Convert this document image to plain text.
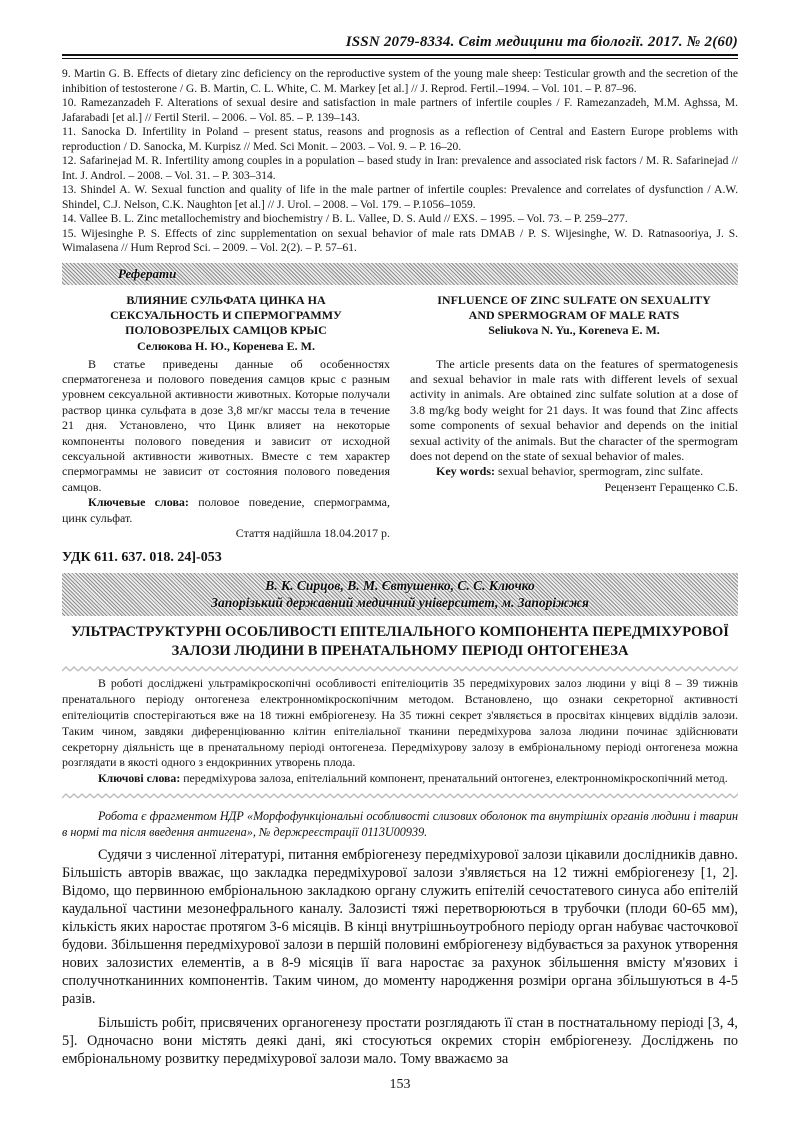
ISSN 2079-8334. Світ медицини та біології. 2017. № 2(60)

9. Martin G. B. Effects of dietary zinc deficiency on the reproductive system of the young male sheep: Testicular growth and the secretion of the inhibition of testosterone / G. B. Martin, C. L. White, C. M. Markey [et al.] // J. Reprod. Fertil.–1994. – Vol. 101. – P. 87–96.

10. Ramezanzadeh F. Alterations of sexual desire and satisfaction in male partners of infertile couples / F. Ramezanzadeh, M.M. Aghssa, M. Jafarabadi [et al.] // Fertil Steril. – 2006. – Vol. 85. – P. 139–143.

11. Sanocka D. Infertility in Poland – present status, reasons and prognosis as a reflection of Central and Eastern Europe problems with reproduction / D. Sanocka, M. Kurpisz // Med. Sci Monit. – 2003. – Vol. 9. – P. 16–20.

12. Safarinejad M. R. Infertility among couples in a population – based study in Iran: prevalence and associated risk factors / M. R. Safarinejad // Int. J. Androl. – 2008. – Vol. 31. – P. 303–314.

13. Shindel A. W. Sexual function and quality of life in the male partner of infertile couples: Prevalence and correlates of dysfunction / A.W. Shindel, C.J. Nelson, C.K. Naughton [et al.] // J. Urol. – 2008. – Vol. 179. – P.1056–1059.

14. Vallee B. L. Zinc metallochemistry and biochemistry / B. L. Vallee, D. S. Auld // EXS. – 1995. – Vol. 73. – P. 259–277.

15. Wijesinghe P. S. Effects of zinc supplementation on sexual behavior of male rats DMAB / P. S. Wijesinghe, W. D. Ratnasooriya, J. S. Wimalasena // Hum Reprod Sci. – 2009. – Vol. 2(2). – P. 57–61.

Реферати
ВЛИЯНИЕ СУЛЬФАТА ЦИНКА НА
СЕКСУАЛЬНОСТЬ И СПЕРМОГРАММУ
ПОЛОВОЗРЕЛЫХ САМЦОВ КРЫС
Селюкова Н. Ю., Коренева Е. М.

В статье приведены данные об особенностях сперматогенеза и полового поведения самцов крыс с разным уровнем сексуальной активности животных. Которые получали раствор цинка сульфата в дозе 3,8 мг/кг массы тела в течение 21 дня. Установлено, что Цинк влияет на некоторые компоненты полового поведения и зависит от исходной сексуальной активности животных. Вместе с тем характер спермограммы не зависит от состояния полового поведения самцов.

Ключевые слова: половое поведение, спермограмма, цинк сульфат.

Стаття надійшла 18.04.2017 р.

INFLUENCE OF ZINC SULFATE ON SEXUALITY
AND SPERMOGRAM OF MALE RATS
Seliukova N. Yu., Koreneva E. M.

The article presents data on the features of spermatogenesis and sexual behavior in male rats with different levels of sexual activity in animals. Are obtained zinc sulfate solution at a dose of 3.8 mg/kg body weight for 21 days. It was found that Zinc affects some components of sexual behavior and depends on the initial sexual activity of the animals. But the character of the spermogram does not depend on the state of sexual behavior of males.

Key words: sexual behavior, spermogram, zinc sulfate.

Рецензент Геращенко С.Б.

УДК 611. 637. 018. 24]-053

В. К. Сирцов, В. М. Євтушенко, С. С. Ключко
Запорізький державний медичний університет, м. Запоріжжя
УЛЬТРАСТРУКТУРНІ ОСОБЛИВОСТІ ЕПІТЕЛІАЛЬНОГО КОМПОНЕНТА ПЕРЕДМІХУРОВОЇ ЗАЛОЗИ ЛЮДИНИ В ПРЕНАТАЛЬНОМУ ПЕРІОДІ ОНТОГЕНЕЗА

В роботі досліджені ультрамікроскопічні особливості епітеліоцитів 35 передміхурових залоз людини у віці 8 – 39 тижнів пренатального періоду онтогенеза електронномікроскопічним методом. Встановлено, що ознаки секреторної активності епітеліоцитів спостерігаються вже на 18 тижні ембріогенезу. На 35 тижні секрет з'являється в просвітах кінцевих відділів залози. Таким чином, завдяки диференціюванню клітин епітеліальної тканини передміхурова залоза людини починає здійснювати секреторну діяльність ще в пренатальному періоді онтогенеза. Передміхурову залозу в ембріональному періоді онтогенеза можна розглядати в якості одного з ендокринних утворень плода.

Ключові слова: передміхурова залоза, епітеліальний компонент, пренатальний онтогенез, електронномікроскопічний метод.

Робота є фрагментом НДР «Морфофункціональні особливості слизових оболонок та внутрішніх органів людини і тварин в нормі та після введення антигена», № держреєстрації 0113U00939.

Судячи з численної літературі, питання ембріогенезу передміхурової залози цікавили дослідників давно. Більшість авторів вважає, що закладка передміхурової залози з'являється на 12 тижні ембріогенезу [1, 2]. Відомо, що первинною ембріональною закладкою органу служить епітелій сечостатевого синуса або епітелій каудальної частини мезонефрального каналу. Залозисті тяжі перетворюються в трубочки (плоди 60-65 мм), кількість яких наростає протягом 3-6 місяців. В кінці внутрішньоутробного періоду орган набуває часточкової будови. Збільшення передміхурової залози в першій половині ембріогенезу відбувається за рахунок утворення нових залозистих елементів, а в 8-9 місяців її вага наростає за рахунок збільшення вмісту м'язових і сполучнотканинних компонентів. Таким чином, до моменту народження розміри органа збільшуються в 4-5 разів.

Більшість робіт, присвячених органогенезу простати розглядають її стан в постнатальному періоді [3, 4, 5]. Одночасно вони містять деякі дані, які стосуються окремих сторін ембріогенезу. Досліджень по ембріональному розвитку передміхурової залози мало. Тому вважаємо за

153
